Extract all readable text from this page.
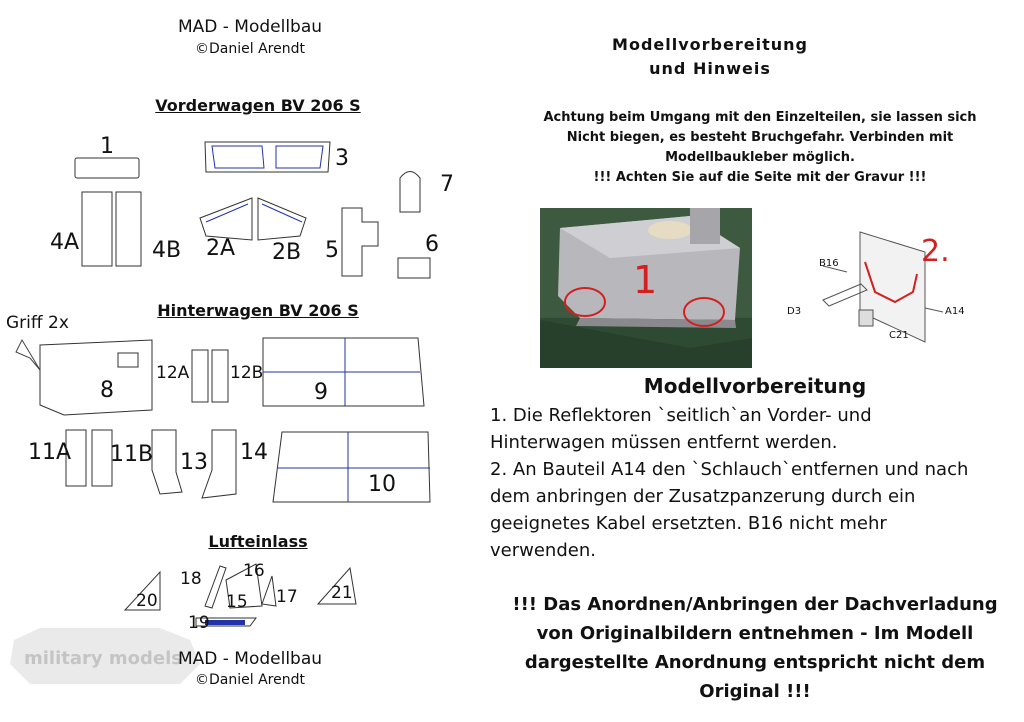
MAD - Modellbau
©Daniel Arendt
Vorderwagen BV 206 S
Hinterwagen BV 206 S
Lufteinlass
Griff 2x
1	3
7
4A	4B 2A 2B 5	6
8
12A 12B
9
11A 11B 13 14
10
18 16
15 17
20	21
19
military models
MAD - Modellbau
©Daniel Arendt
Modellvorbereitung
und Hinweis
Achtung beim Umgang mit den Einzelteilen, sie lassen sich
Nicht biegen, es besteht Bruchgefahr. Verbinden mit
Modellbaukleber möglich.
!!! Achten Sie auf die Seite mit der Gravur !!!
1
2.
B16
D3	A14
C21
Modellvorbereitung
1. Die Reflektoren `seitlich`an Vorder- und
Hinterwagen müssen entfernt werden.
2. An Bauteil A14 den `Schlauch`entfernen und nach
dem anbringen der Zusatzpanzerung durch ein
geeignetes Kabel ersetzten. B16 nicht mehr
verwenden.
!!! Das Anordnen/Anbringen der Dachverladung
von Originalbildern entnehmen - Im Modell
dargestellte Anordnung entspricht nicht dem
Original !!!
